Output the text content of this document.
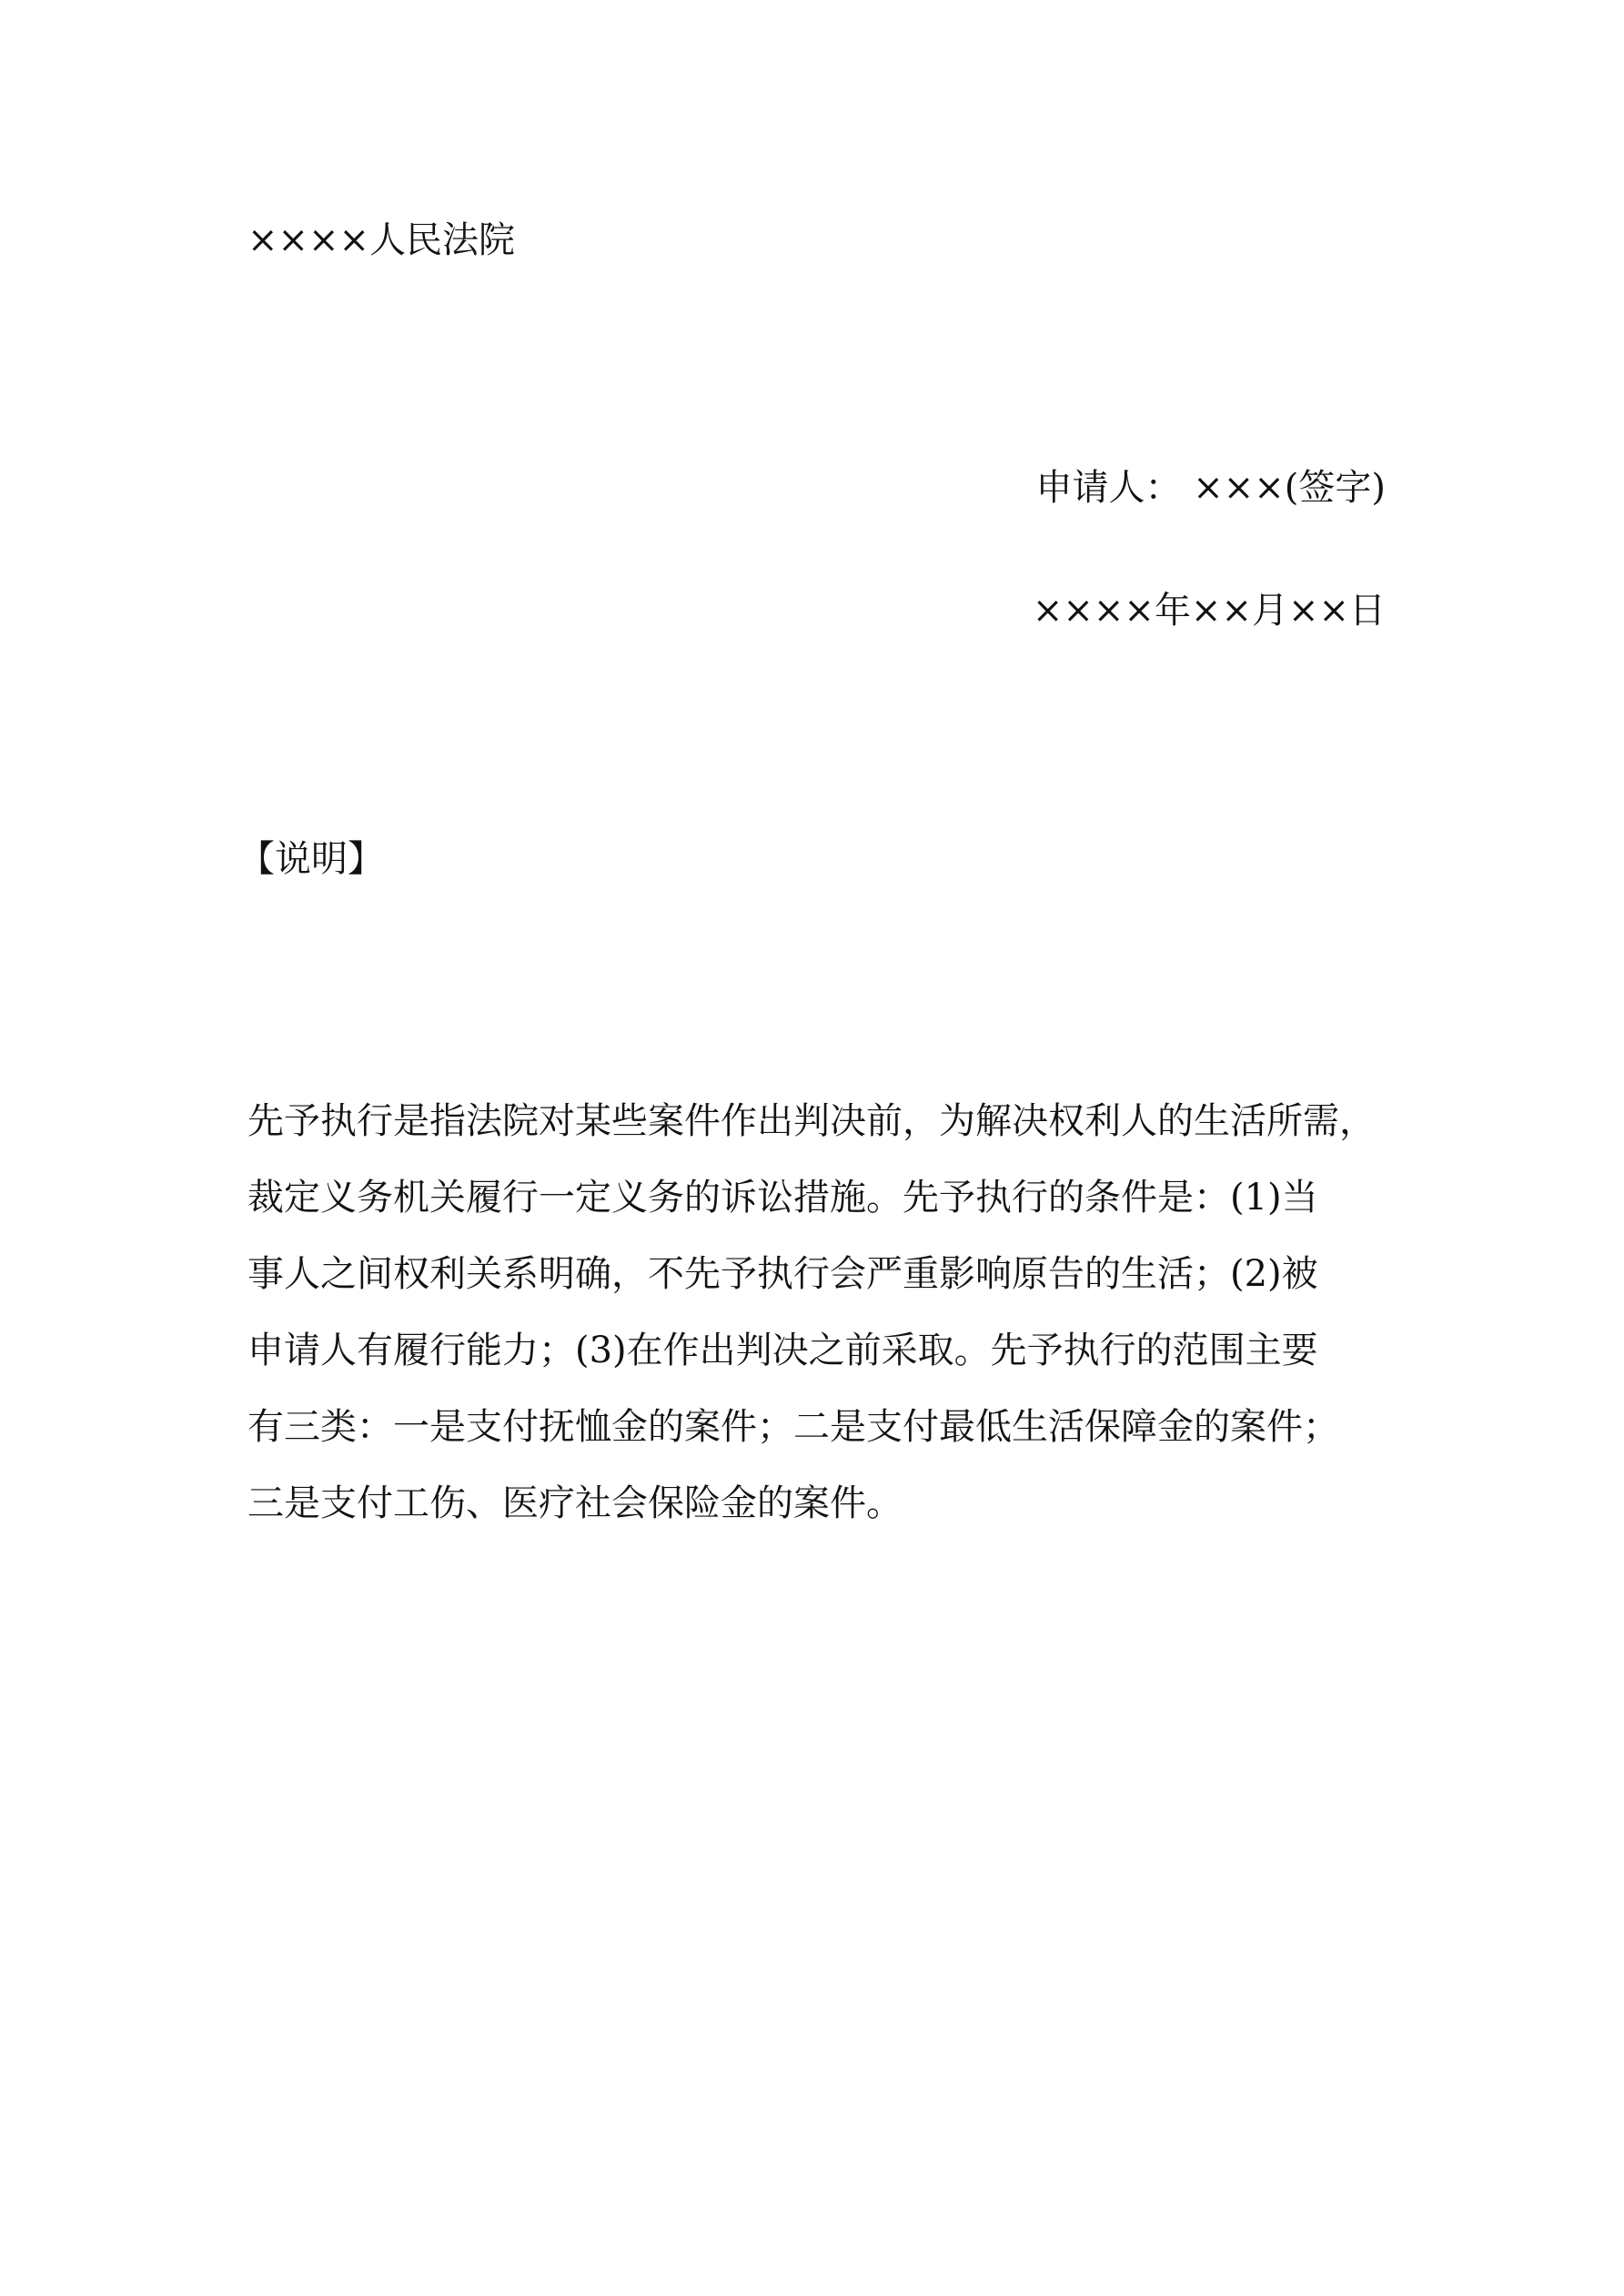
××××人民法院
申请人： ×××(签字)
××××年××月××日
【说明】
先予执行是指法院对某些案件作出判决前，为解决权利人的生活所需，
裁定义务机关履行一定义务的诉讼措施。先予执行的条件是：(1)当
事人之间权利关系明确，不先予执行会严重影响原告的生活；(2)被
申请人有履行能力；(3)在作出判决之前采取。先予执行的范围主要
有三类：一是支付抚恤金的案件；二是支付最低生活保障金的案件；
三是支付工伤、医疗社会保险金的案件。
